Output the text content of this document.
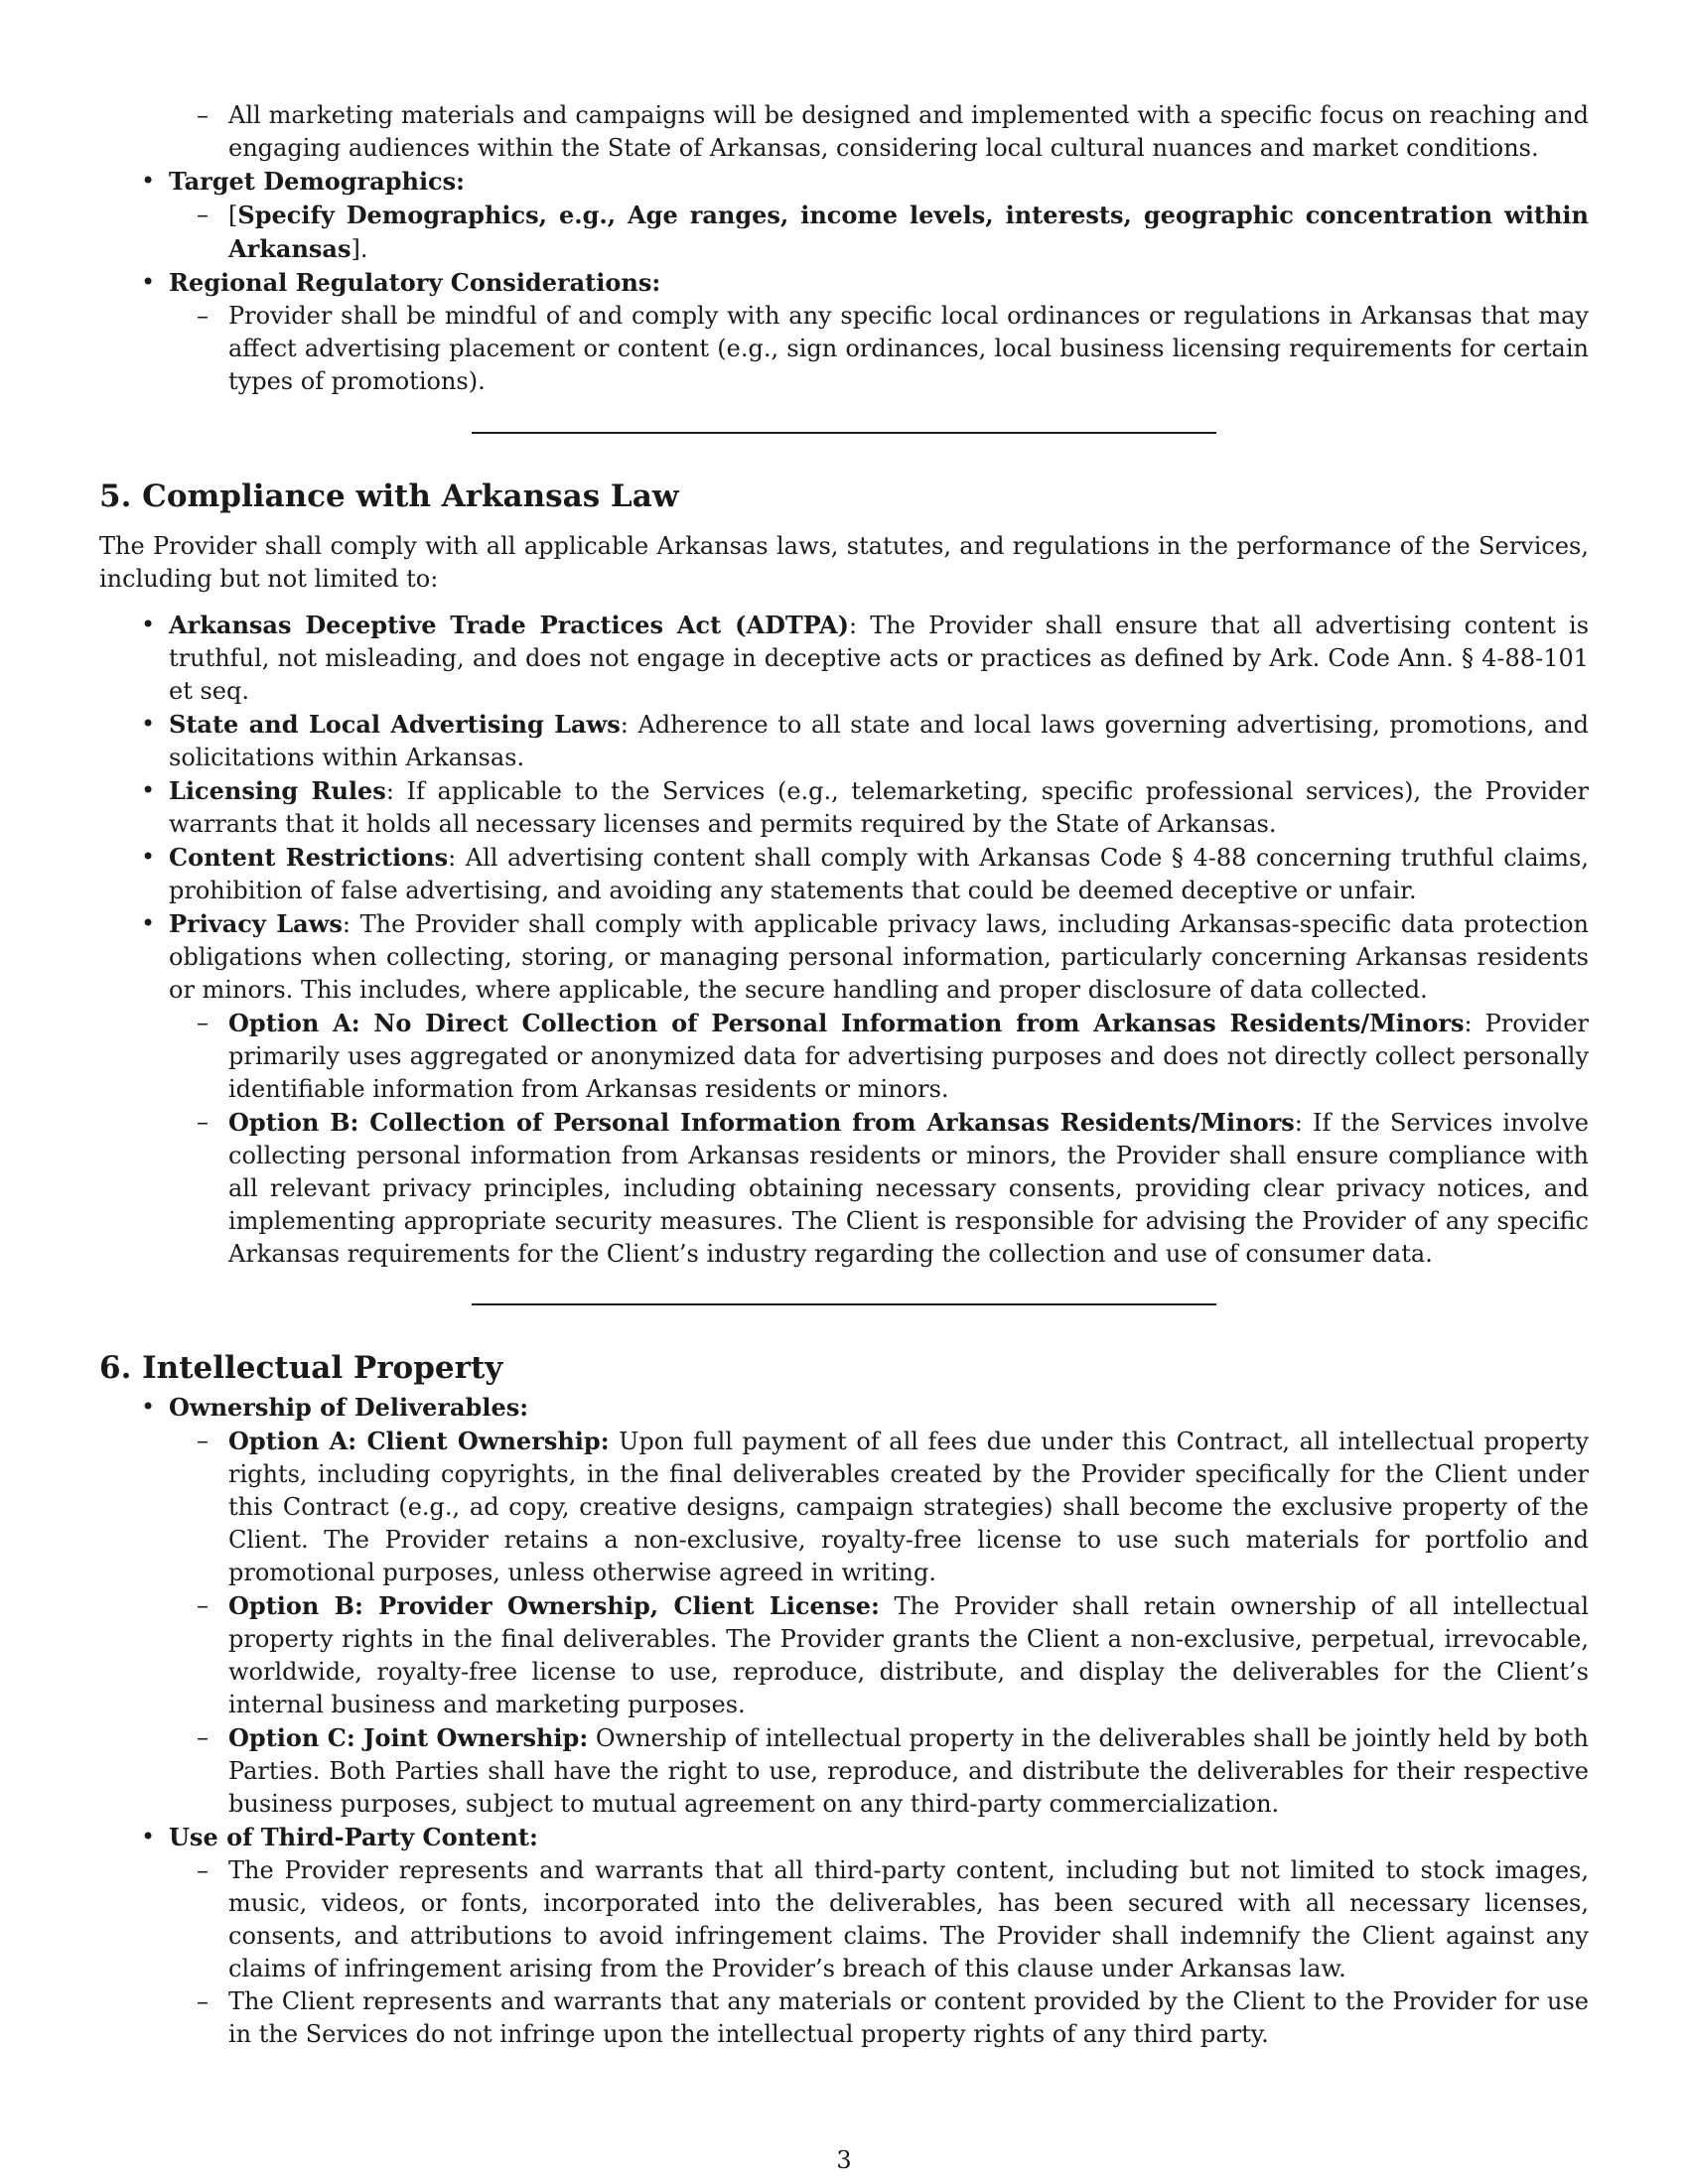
– All marketing materials and campaigns will be designed and implemented with a specific focus on reaching and engaging audiences within the State of Arkansas, considering local cultural nuances and market conditions.
• Target Demographics:
– [Specify Demographics, e.g., Age ranges, income levels, interests, geographic concentration within Arkansas].
• Regional Regulatory Considerations:
– Provider shall be mindful of and comply with any specific local ordinances or regulations in Arkansas that may affect advertising placement or content (e.g., sign ordinances, local business licensing requirements for certain types of promotions).
5. Compliance with Arkansas Law

The Provider shall comply with all applicable Arkansas laws, statutes, and regulations in the performance of the Services, including but not limited to:

• Arkansas Deceptive Trade Practices Act (ADTPA): The Provider shall ensure that all advertising content is truthful, not misleading, and does not engage in deceptive acts or practices as defined by Ark. Code Ann. § 4-88-101 et seq.
• State and Local Advertising Laws: Adherence to all state and local laws governing advertising, promotions, and solicitations within Arkansas.
• Licensing Rules: If applicable to the Services (e.g., telemarketing, specific professional services), the Provider warrants that it holds all necessary licenses and permits required by the State of Arkansas.
• Content Restrictions: All advertising content shall comply with Arkansas Code § 4-88 concerning truthful claims, prohibition of false advertising, and avoiding any statements that could be deemed deceptive or unfair.
• Privacy Laws: The Provider shall comply with applicable privacy laws, including Arkansas-specific data protection obligations when collecting, storing, or managing personal information, particularly concerning Arkansas residents or minors. This includes, where applicable, the secure handling and proper disclosure of data collected.
– Option A: No Direct Collection of Personal Information from Arkansas Residents/Minors: Provider primarily uses aggregated or anonymized data for advertising purposes and does not directly collect personally identifiable information from Arkansas residents or minors.
– Option B: Collection of Personal Information from Arkansas Residents/Minors: If the Services involve collecting personal information from Arkansas residents or minors, the Provider shall ensure compliance with all relevant privacy principles, including obtaining necessary consents, providing clear privacy notices, and implementing appropriate security measures. The Client is responsible for advising the Provider of any specific Arkansas requirements for the Client’s industry regarding the collection and use of consumer data.
6. Intellectual Property
• Ownership of Deliverables:
– Option A: Client Ownership: Upon full payment of all fees due under this Contract, all intellectual property rights, including copyrights, in the final deliverables created by the Provider specifically for the Client under this Contract (e.g., ad copy, creative designs, campaign strategies) shall become the exclusive property of the Client. The Provider retains a non-exclusive, royalty-free license to use such materials for portfolio and promotional purposes, unless otherwise agreed in writing.
– Option B: Provider Ownership, Client License: The Provider shall retain ownership of all intellectual property rights in the final deliverables. The Provider grants the Client a non-exclusive, perpetual, irrevocable, worldwide, royalty-free license to use, reproduce, distribute, and display the deliverables for the Client’s internal business and marketing purposes.
– Option C: Joint Ownership: Ownership of intellectual property in the deliverables shall be jointly held by both Parties. Both Parties shall have the right to use, reproduce, and distribute the deliverables for their respective business purposes, subject to mutual agreement on any third-party commercialization.
• Use of Third-Party Content:
– The Provider represents and warrants that all third-party content, including but not limited to stock images, music, videos, or fonts, incorporated into the deliverables, has been secured with all necessary licenses, consents, and attributions to avoid infringement claims. The Provider shall indemnify the Client against any claims of infringement arising from the Provider’s breach of this clause under Arkansas law.
– The Client represents and warrants that any materials or content provided by the Client to the Provider for use in the Services do not infringe upon the intellectual property rights of any third party.
3
